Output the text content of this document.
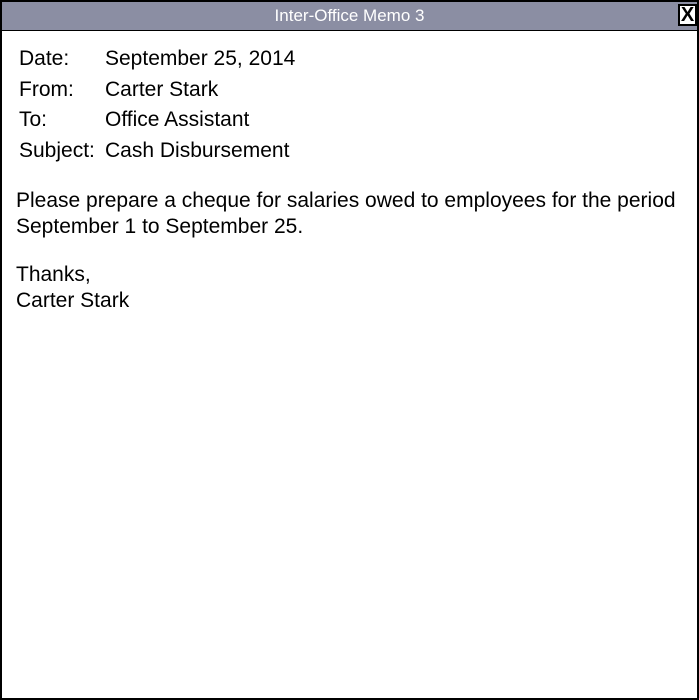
Inter-Office Memo 3	X
Date:	September 25, 2014
From:	Carter Stark
To:	Office Assistant
Subject: Cash Disbursement

Please prepare a cheque for salaries owed to employees for the period September 1 to September 25.

Thanks,

Carter Stark
